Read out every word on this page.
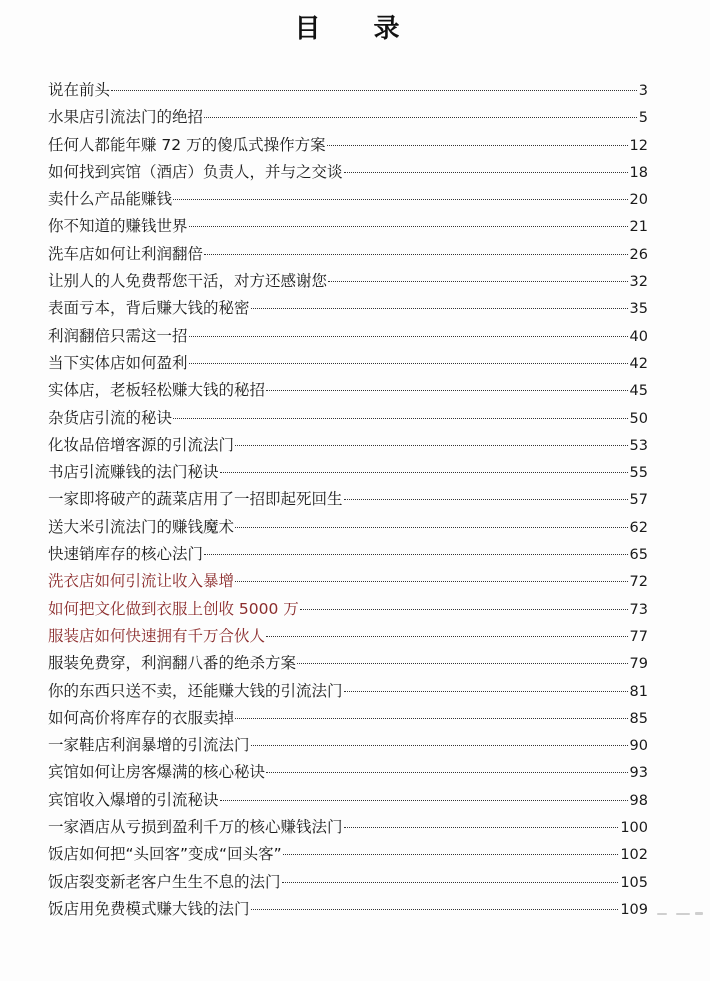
目 录
说在前头	3
水果店引流法门的绝招	5
任何人都能年赚 72 万的傻瓜式操作方案	12
如何找到宾馆（酒店）负责人，并与之交谈	18
卖什么产品能赚钱	20
你不知道的赚钱世界	21
洗车店如何让利润翻倍	26
让别人的人免费帮您干活，对方还感谢您	32
表面亏本，背后赚大钱的秘密	35
利润翻倍只需这一招	40
当下实体店如何盈利	42
实体店，老板轻松赚大钱的秘招	45
杂货店引流的秘诀	50
化妆品倍增客源的引流法门	53
书店引流赚钱的法门秘诀	55
一家即将破产的蔬菜店用了一招即起死回生	57
送大米引流法门的赚钱魔术	62
快速销库存的核心法门	65
洗衣店如何引流让收入暴增	72
如何把文化做到衣服上创收 5000 万	73
服装店如何快速拥有千万合伙人	77
服装免费穿，利润翻八番的绝杀方案	79
你的东西只送不卖，还能赚大钱的引流法门	81
如何高价将库存的衣服卖掉	85
一家鞋店利润暴增的引流法门	90
宾馆如何让房客爆满的核心秘诀	93
宾馆收入爆增的引流秘诀	98
一家酒店从亏损到盈利千万的核心赚钱法门	100
饭店如何把“头回客”变成“回头客”	102
饭店裂变新老客户生生不息的法门	105
饭店用免费模式赚大钱的法门	109
